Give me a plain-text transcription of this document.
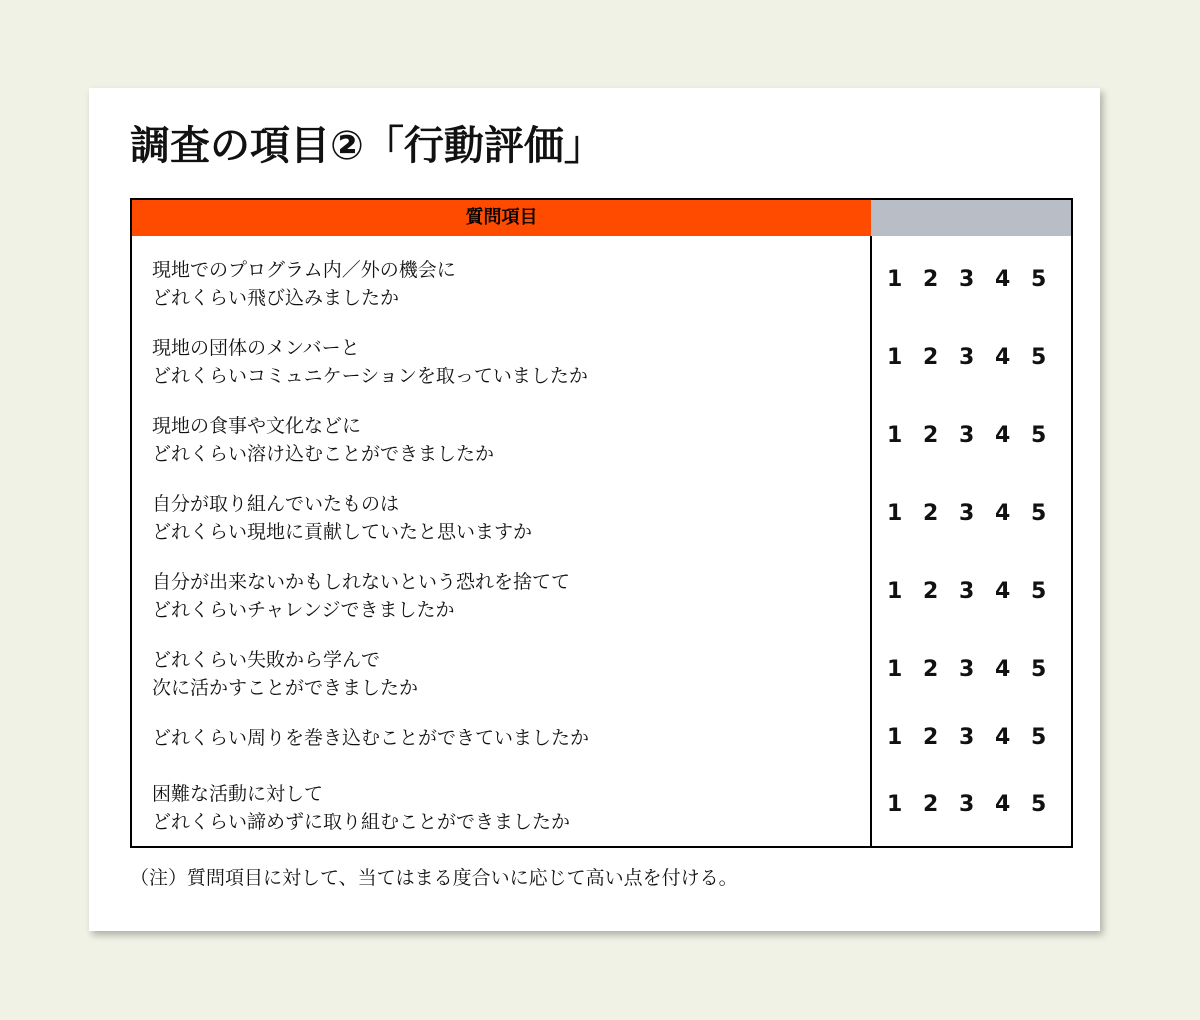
調査の項目②「行動評価」
質問項目
現地でのプログラム内／外の機会に
どれくらい飛び込みましたか
1 2 3 4 5
現地の団体のメンバーと
どれくらいコミュニケーションを取っていましたか
1 2 3 4 5
現地の食事や文化などに
どれくらい溶け込むことができましたか
1 2 3 4 5
自分が取り組んでいたものは
どれくらい現地に貢献していたと思いますか
1 2 3 4 5
自分が出来ないかもしれないという恐れを捨てて
どれくらいチャレンジできましたか
1 2 3 4 5
どれくらい失敗から学んで
次に活かすことができましたか
1 2 3 4 5
どれくらい周りを巻き込むことができていましたか	1 2 3 4 5
困難な活動に対して
どれくらい諦めずに取り組むことができましたか
1 2 3 4 5

（注）質問項目に対して、当てはまる度合いに応じて高い点を付ける。
